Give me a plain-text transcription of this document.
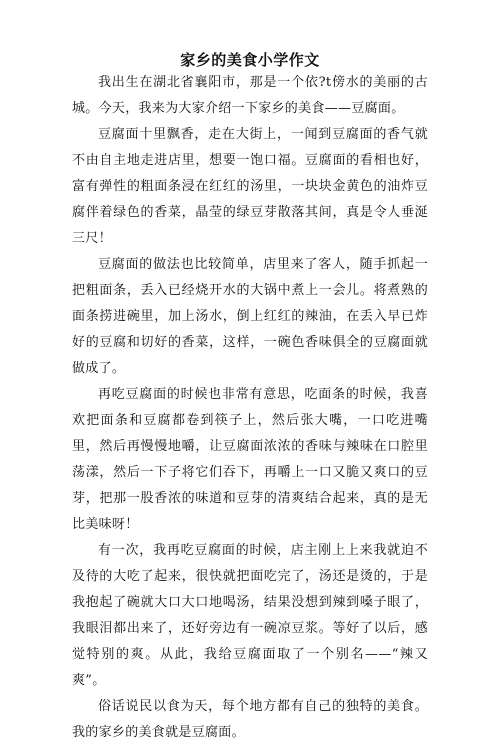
家乡的美食小学作文

我出生在湖北省襄阳市，那是一个依?t傍水的美丽的古城。今天，我来为大家介绍一下家乡的美食——豆腐面。

豆腐面十里飘香，走在大街上，一闻到豆腐面的香气就不由自主地走进店里，想要一饱口福。豆腐面的看相也好，富有弹性的粗面条浸在红红的汤里，一块块金黄色的油炸豆腐伴着绿色的香菜，晶莹的绿豆芽散落其间，真是令人垂涎三尺！

豆腐面的做法也比较简单，店里来了客人，随手抓起一把粗面条，丢入已经烧开水的大锅中煮上一会儿。将煮熟的面条捞进碗里，加上汤水，倒上红红的辣油，在丢入早已炸好的豆腐和切好的香菜，这样，一碗色香味俱全的豆腐面就做成了。

再吃豆腐面的时候也非常有意思，吃面条的时候，我喜欢把面条和豆腐都卷到筷子上，然后张大嘴，一口吃进嘴里，然后再慢慢地嚼，让豆腐面浓浓的香味与辣味在口腔里荡漾，然后一下子将它们吞下，再嚼上一口又脆又爽口的豆芽，把那一股香浓的味道和豆芽的清爽结合起来，真的是无比美味呀！

有一次，我再吃豆腐面的时候，店主刚上上来我就迫不及待的大吃了起来，很快就把面吃完了，汤还是烫的，于是我抱起了碗就大口大口地喝汤，结果没想到辣到嗓子眼了，我眼泪都出来了，还好旁边有一碗凉豆浆。等好了以后，感觉特别的爽。从此，我给豆腐面取了一个别名——“辣又爽”。

俗话说民以食为天，每个地方都有自己的独特的美食。我的家乡的美食就是豆腐面。
